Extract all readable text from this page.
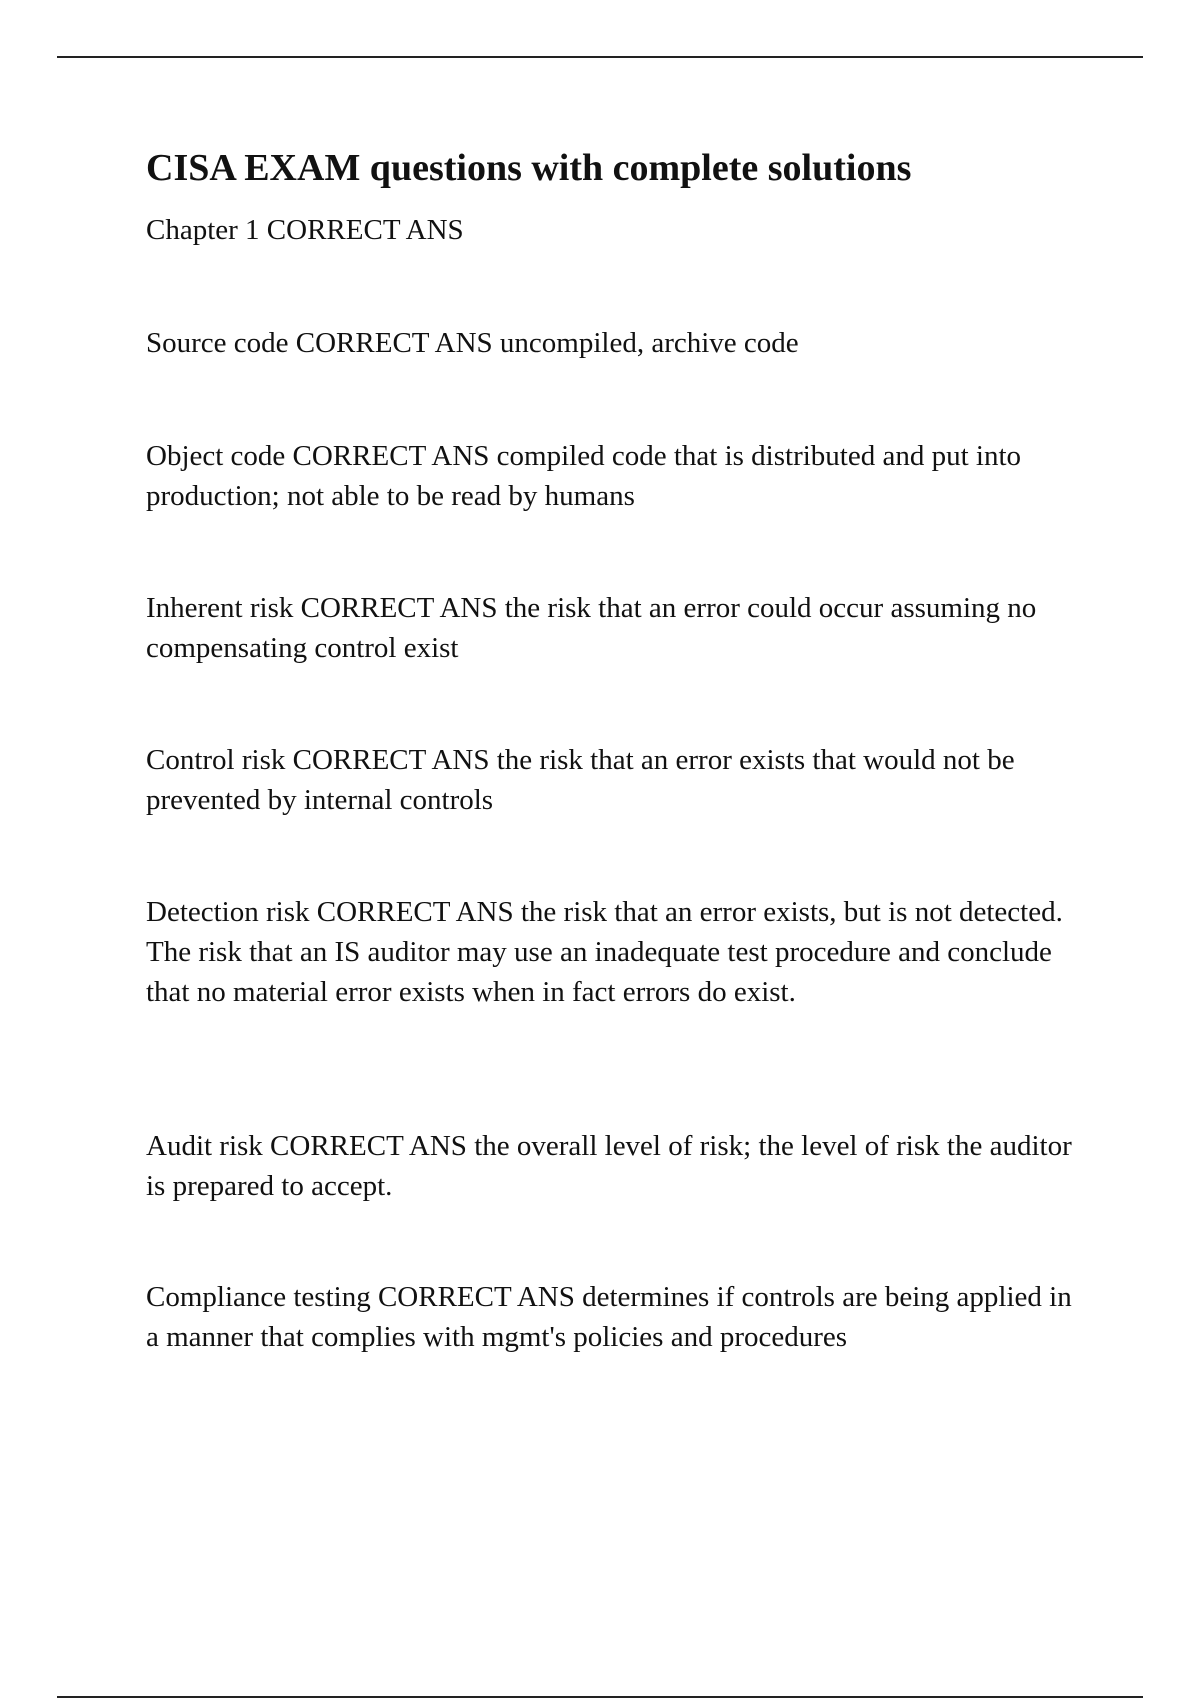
CISA EXAM questions with complete solutions

Chapter 1 CORRECT ANS

Source code CORRECT ANS uncompiled, archive code

Object code CORRECT ANS compiled code that is distributed and put into production; not able to be read by humans

Inherent risk CORRECT ANS the risk that an error could occur assuming no compensating control exist

Control risk CORRECT ANS the risk that an error exists that would not be prevented by internal controls

Detection risk CORRECT ANS the risk that an error exists, but is not detected. The risk that an IS auditor may use an inadequate test procedure and conclude that no material error exists when in fact errors do exist.

Audit risk CORRECT ANS the overall level of risk; the level of risk the auditor is prepared to accept.

Compliance testing CORRECT ANS determines if controls are being applied in a manner that complies with mgmt's policies and procedures
